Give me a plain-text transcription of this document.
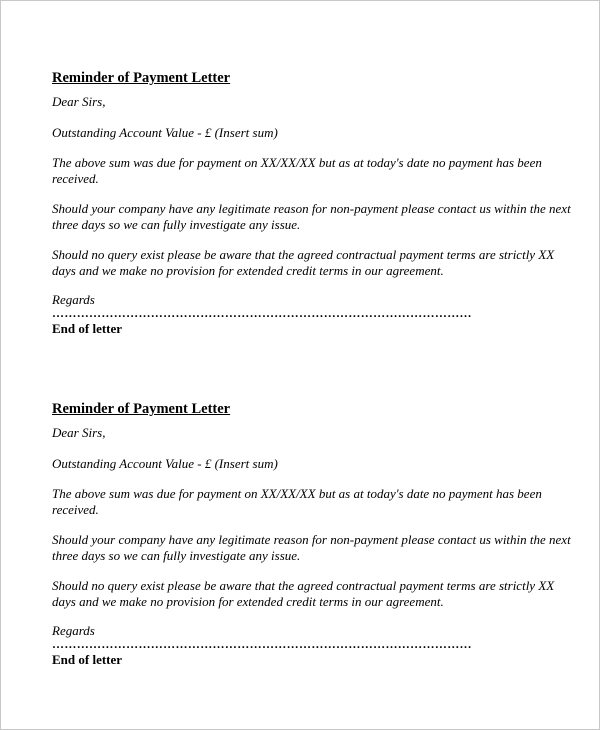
Reminder of Payment Letter
Dear Sirs,
Outstanding Account Value - £ (Insert sum)
The above sum was due for payment on XX/XX/XX but as at today's date no payment has been received.
Should your company have any legitimate reason for non-payment please contact us within the next three days so we can fully investigate any issue.
Should no query exist please be aware that the agreed contractual payment terms are strictly XX days and we make no provision for extended credit terms in our agreement.
Regards
…………………………………………………………………………………………
End of letter
Reminder of Payment Letter
Dear Sirs,
Outstanding Account Value - £ (Insert sum)
The above sum was due for payment on XX/XX/XX but as at today's date no payment has been received.
Should your company have any legitimate reason for non-payment please contact us within the next three days so we can fully investigate any issue.
Should no query exist please be aware that the agreed contractual payment terms are strictly XX days and we make no provision for extended credit terms in our agreement.
Regards
…………………………………………………………………………………………
End of letter
